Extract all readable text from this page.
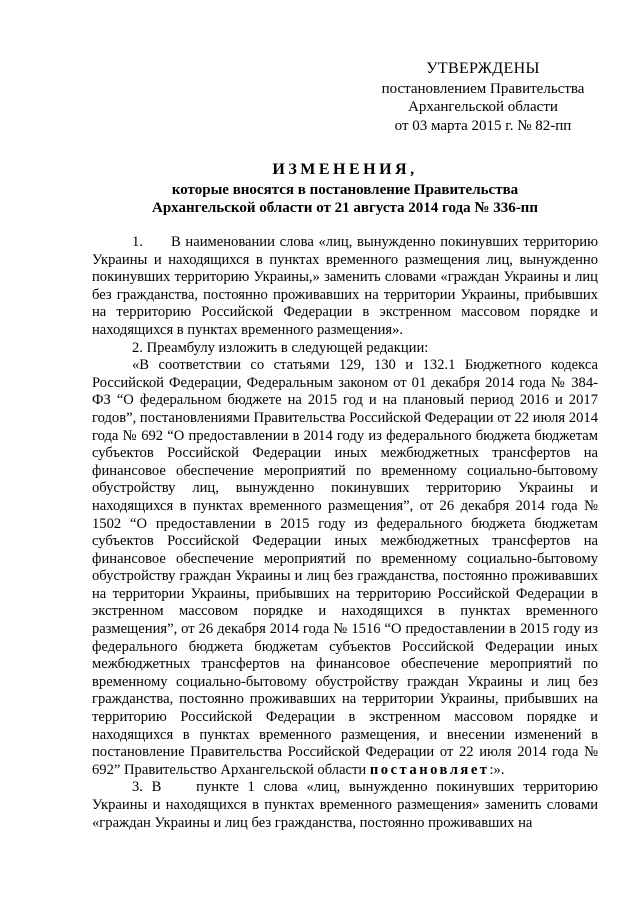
УТВЕРЖДЕНЫ
постановлением Правительства
Архангельской области
от 03 марта 2015 г. № 82-пп
ИЗМЕНЕНИЯ,
которые вносятся в постановление Правительства
Архангельской области от 21 августа 2014 года № 336-пп

1.      В наименовании слова «лиц, вынужденно покинувших территорию Украины и находящихся в пунктах временного размещения лиц, вынужденно покинувших территорию Украины,» заменить словами «граждан Украины и лиц без гражданства, постоянно проживавших на территории Украины, прибывших на территорию Российской Федерации в экстренном массовом порядке и находящихся в пунктах временного размещения».

2. Преамбулу изложить в следующей редакции:

«В соответствии со статьями 129, 130 и 132.1 Бюджетного кодекса Российской Федерации, Федеральным законом от 01 декабря 2014 года № 384-ФЗ “О федеральном бюджете на 2015 год и на плановый период 2016 и 2017 годов”, постановлениями Правительства Российской Федерации от 22 июля 2014 года № 692 “О предоставлении в 2014 году из федерального бюджета бюджетам субъектов Российской Федерации иных межбюджетных трансфертов на финансовое обеспечение мероприятий по временному социально-бытовому обустройству лиц, вынужденно покинувших территорию Украины и находящихся в пунктах временного размещения”, от 26 декабря 2014 года № 1502 “О предоставлении в 2015 году из федерального бюджета бюджетам субъектов Российской Федерации иных межбюджетных трансфертов на финансовое обеспечение мероприятий по временному социально-бытовому обустройству граждан Украины и лиц без гражданства, постоянно проживавших на территории Украины, прибывших на территорию Российской Федерации в экстренном массовом порядке и находящихся в пунктах временного размещения”, от 26 декабря 2014 года № 1516 “О предоставлении в 2015 году из федерального бюджета бюджетам субъектов Российской Федерации иных межбюджетных трансфертов на финансовое обеспечение мероприятий по временному социально-бытовому обустройству граждан Украины и лиц без гражданства, постоянно проживавших на территории Украины, прибывших на территорию Российской Федерации в экстренном массовом порядке и находящихся в пунктах временного размещения, и внесении изменений в постановление Правительства Российской Федерации от 22 июля 2014 года № 692” Правительство Архангельской области постановляет:».

3. В    пункте 1 слова «лиц, вынужденно покинувших территорию Украины и находящихся в пунктах временного размещения» заменить словами «граждан Украины и лиц без гражданства, постоянно проживавших на
